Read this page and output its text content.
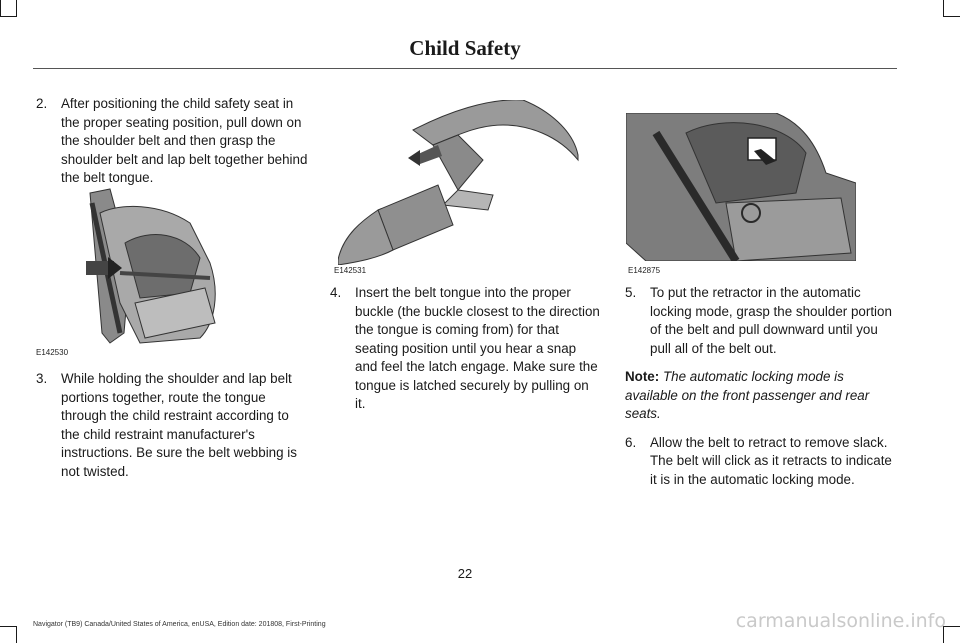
Child Safety
2. After positioning the child safety seat in the proper seating position, pull down on the shoulder belt and then grasp the shoulder belt and lap belt together behind the belt tongue.
E142530
3. While holding the shoulder and lap belt portions together, route the tongue through the child restraint according to the child restraint manufacturer's instructions. Be sure the belt webbing is not twisted.
E142531
4. Insert the belt tongue into the proper buckle (the buckle closest to the direction the tongue is coming from) for that seating position until you hear a snap and feel the latch engage. Make sure the tongue is latched securely by pulling on it.
E142875
5. To put the retractor in the automatic locking mode, grasp the shoulder portion of the belt and pull downward until you pull all of the belt out.
Note: The automatic locking mode is available on the front passenger and rear seats.
6. Allow the belt to retract to remove slack. The belt will click as it retracts to indicate it is in the automatic locking mode.
22
Navigator (TB9) Canada/United States of America, enUSA, Edition date: 201808, First-Printing	carmanualsonline.info
